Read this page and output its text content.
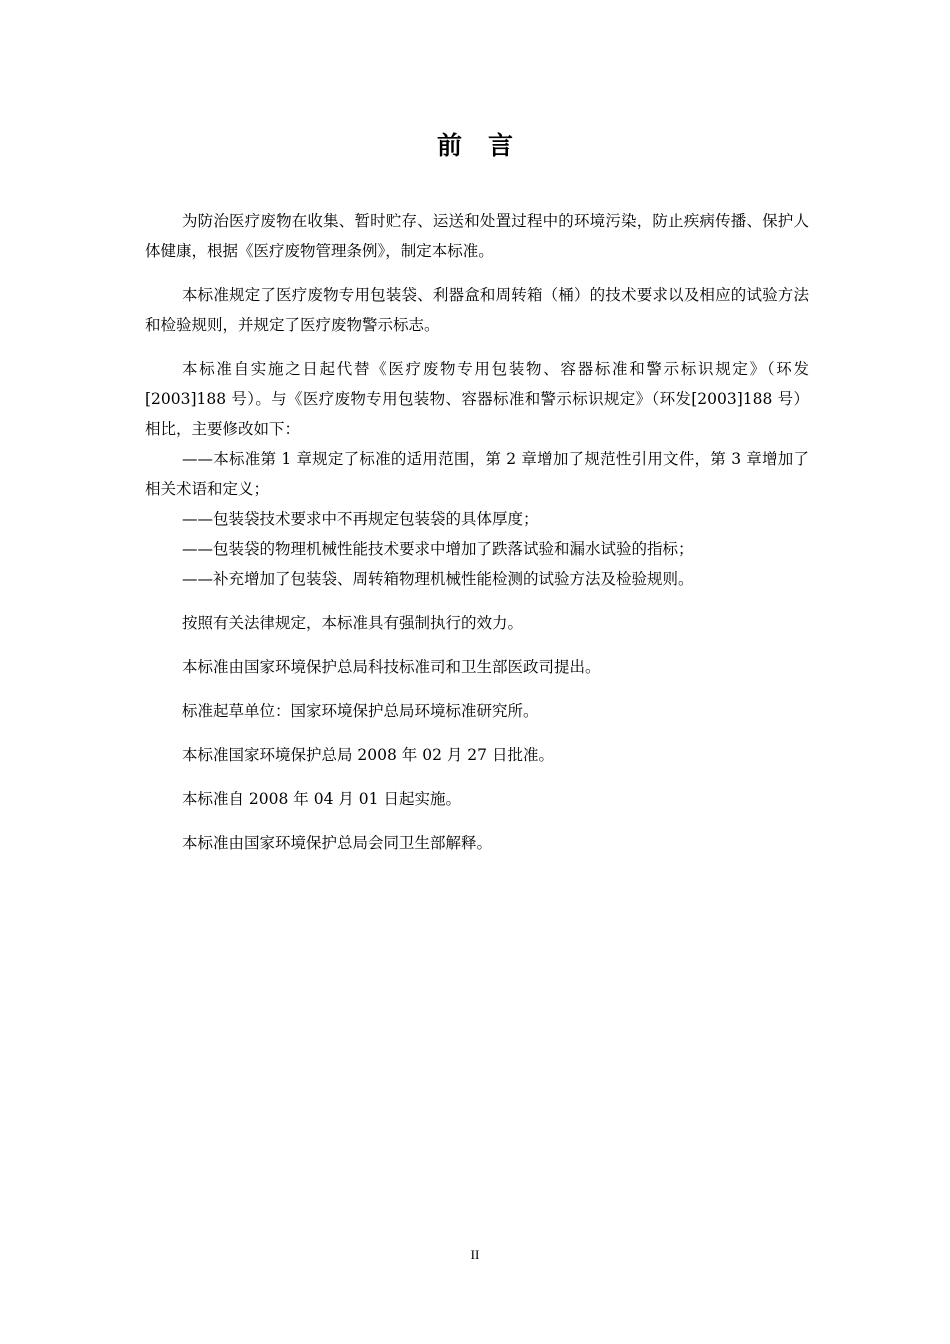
前言

为防治医疗废物在收集、暂时贮存、运送和处置过程中的环境污染，防止疾病传播、保护人体健康，根据《医疗废物管理条例》，制定本标准。

本标准规定了医疗废物专用包装袋、利器盒和周转箱（桶）的技术要求以及相应的试验方法和检验规则，并规定了医疗废物警示标志。

本标准自实施之日起代替《医疗废物专用包装物、容器标准和警示标识规定》（环发[2003]188 号）。与《医疗废物专用包装物、容器标准和警示标识规定》（环发[2003]188 号）相比，主要修改如下：

——本标准第 1 章规定了标准的适用范围，第 2 章增加了规范性引用文件，第 3 章增加了相关术语和定义；

——包装袋技术要求中不再规定包装袋的具体厚度；

——包装袋的物理机械性能技术要求中增加了跌落试验和漏水试验的指标；

——补充增加了包装袋、周转箱物理机械性能检测的试验方法及检验规则。

按照有关法律规定，本标准具有强制执行的效力。

本标准由国家环境保护总局科技标准司和卫生部医政司提出。

标准起草单位：国家环境保护总局环境标准研究所。

本标准国家环境保护总局 2008 年 02 月 27 日批准。

本标准自 2008 年 04 月 01 日起实施。

本标准由国家环境保护总局会同卫生部解释。

II
